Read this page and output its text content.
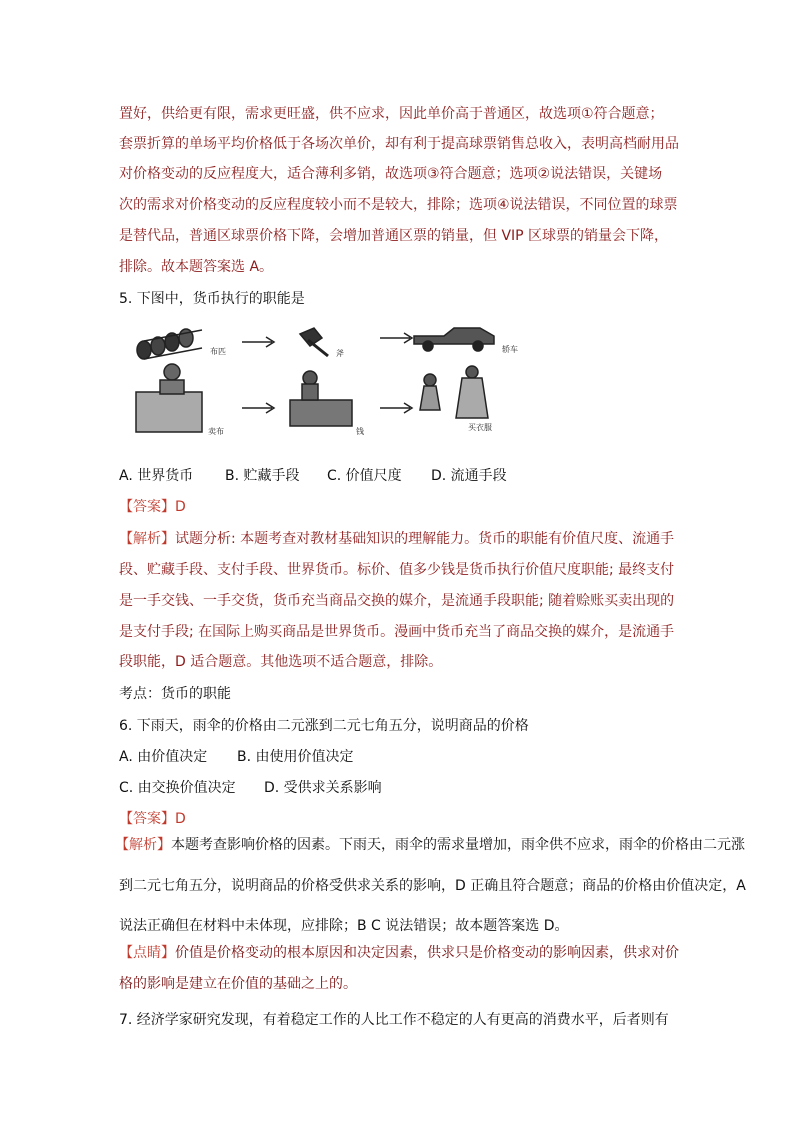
置好，供给更有限，需求更旺盛，供不应求，因此单价高于普通区，故选项①符合题意；
套票折算的单场平均价格低于各场次单价，却有利于提高球票销售总收入，表明高档耐用品
对价格变动的反应程度大，适合薄利多销，故选项③符合题意；选项②说法错误，关键场
次的需求对价格变动的反应程度较小而不是较大，排除；选项④说法错误，不同位置的球票
是替代品，普通区球票价格下降，会增加普通区票的销量，但 VIP 区球票的销量会下降，
排除。故本题答案选 A。
5. 下图中，货币执行的职能是
布匹	斧	轿车
卖布	钱	买衣服
A. 世界货币 B. 贮藏手段 C. 价值尺度 D. 流通手段
【答案】D
【解析】试题分析: 本题考查对教材基础知识的理解能力。货币的职能有价值尺度、流通手
段、贮藏手段、支付手段、世界货币。标价、值多少钱是货币执行价值尺度职能; 最终支付
是一手交钱、一手交货，货币充当商品交换的媒介，是流通手段职能; 随着赊账买卖出现的
是支付手段; 在国际上购买商品是世界货币。漫画中货币充当了商品交换的媒介，是流通手
段职能，D 适合题意。其他选项不适合题意，排除。
考点：货币的职能
6. 下雨天，雨伞的价格由二元涨到二元七角五分，说明商品的价格
A. 由价值决定 B. 由使用价值决定
C. 由交换价值决定 D. 受供求关系影响
【答案】D
【解析】本题考查影响价格的因素。下雨天，雨伞的需求量增加，雨伞供不应求，雨伞的价格由二元涨
到二元七角五分，说明商品的价格受供求关系的影响，D 正确且符合题意；商品的价格由价值决定，A
说法正确但在材料中未体现，应排除；B C 说法错误；故本题答案选 D。
【点睛】价值是价格变动的根本原因和决定因素，供求只是价格变动的影响因素，供求对价
格的影响是建立在价值的基础之上的。
7. 经济学家研究发现，有着稳定工作的人比工作不稳定的人有更高的消费水平，后者则有
